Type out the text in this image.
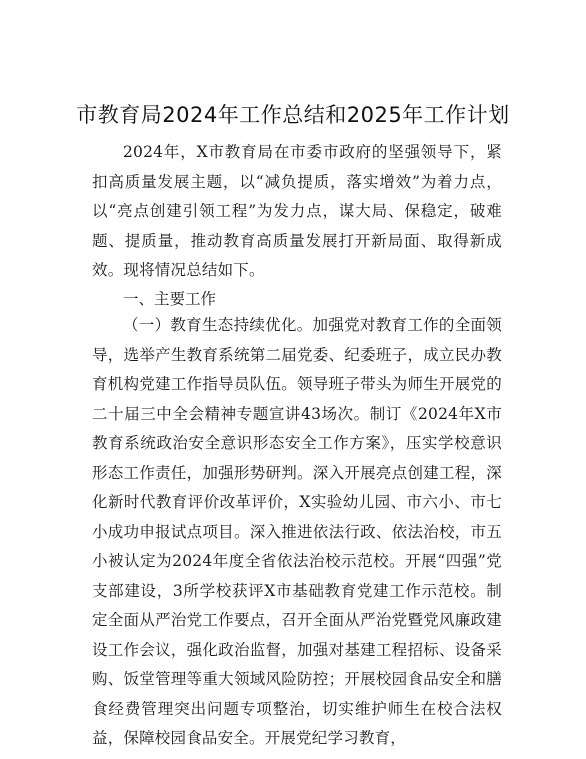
市教育局2024年工作总结和2025年工作计划

2024年，X市教育局在市委市政府的坚强领导下，紧扣高质量发展主题，以“减负提质，落实增效”为着力点，以“亮点创建引领工程”为发力点，谋大局、保稳定，破难题、提质量，推动教育高质量发展打开新局面、取得新成效。现将情况总结如下。

一、主要工作

（一）教育生态持续优化。加强党对教育工作的全面领导，选举产生教育系统第二届党委、纪委班子，成立民办教育机构党建工作指导员队伍。领导班子带头为师生开展党的二十届三中全会精神专题宣讲43场次。制订《2024年X市教育系统政治安全意识形态安全工作方案》，压实学校意识形态工作责任，加强形势研判。深入开展亮点创建工程，深化新时代教育评价改革评价，X实验幼儿园、市六小、市七小成功申报试点项目。深入推进依法行政、依法治校，市五小被认定为2024年度全省依法治校示范校。开展“四强”党支部建设，3所学校获评X市基础教育党建工作示范校。制定全面从严治党工作要点，召开全面从严治党暨党风廉政建设工作会议，强化政治监督，加强对基建工程招标、设备采购、饭堂管理等重大领域风险防控；开展校园食品安全和膳食经费管理突出问题专项整治，切实维护师生在校合法权益，保障校园食品安全。开展党纪学习教育，
